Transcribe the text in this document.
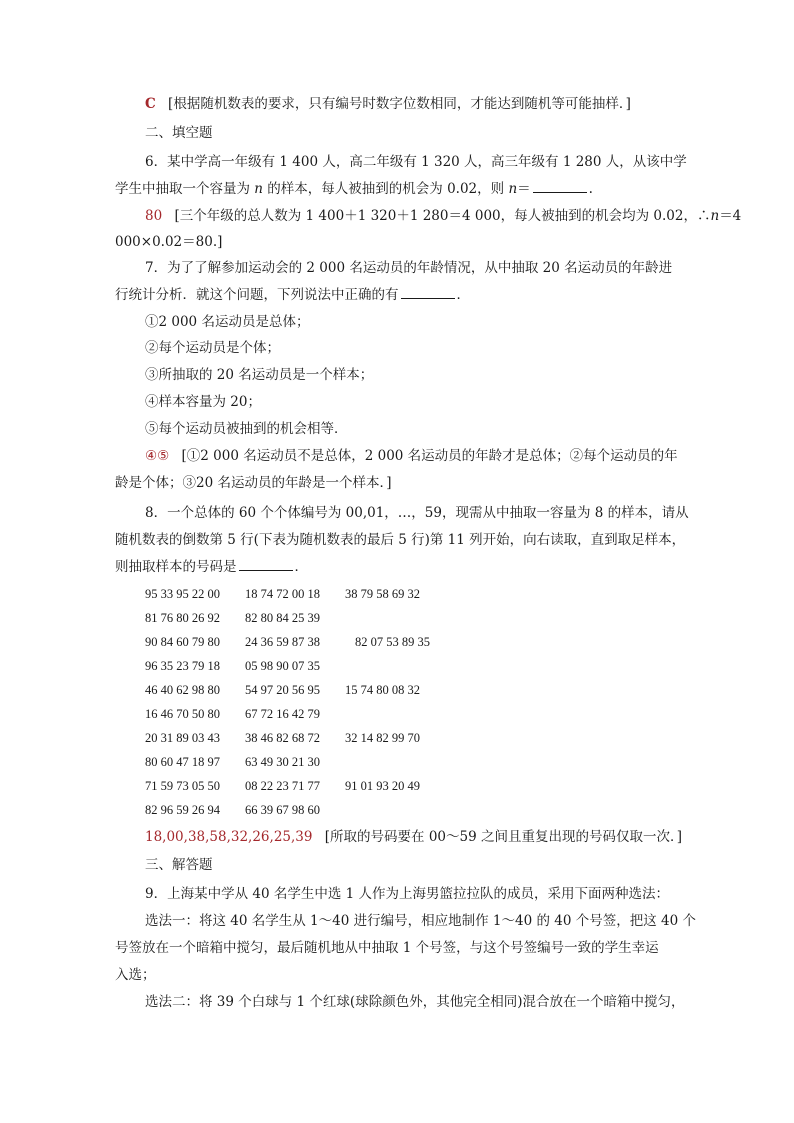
C [根据随机数表的要求，只有编号时数字位数相同，才能达到随机等可能抽样．]
二、填空题
6．某中学高一年级有 1 400 人，高二年级有 1 320 人，高三年级有 1 280 人，从该中学
学生中抽取一个容量为 n 的样本，每人被抽到的机会为 0.02，则 n＝	.
80 [三个年级的总人数为 1 400＋1 320＋1 280＝4 000，每人被抽到的机会均为 0.02，∴n＝4
000×0.02＝80.]
7．为了了解参加运动会的 2 000 名运动员的年龄情况，从中抽取 20 名运动员的年龄进
行统计分析．就这个问题，下列说法中正确的有	．
①2 000 名运动员是总体；
②每个运动员是个体；
③所抽取的 20 名运动员是一个样本；
④样本容量为 20；
⑤每个运动员被抽到的机会相等．
④⑤ [①2 000 名运动员不是总体，2 000 名运动员的年龄才是总体；②每个运动员的年
龄是个体；③20 名运动员的年龄是一个样本．]
8．一个总体的 60 个个体编号为 00,01，…，59，现需从中抽取一容量为 8 的样本，请从
随机数表的倒数第 5 行(下表为随机数表的最后 5 行)第 11 列开始，向右读取，直到取足样本，
则抽取样本的号码是	．
95 33 95 22 00 18 74 72 00 18 38 79 58 69 32
81 76 80 26 92 82 80 84 25 39
90 84 60 79 80 24 36 59 87 38	82 07 53 89 35
96 35 23 79 18 05 98 90 07 35
46 40 62 98 80 54 97 20 56 95 15 74 80 08 32
16 46 70 50 80 67 72 16 42 79
20 31 89 03 43 38 46 82 68 72 32 14 82 99 70
80 60 47 18 97 63 49 30 21 30
71 59 73 05 50 08 22 23 71 77 91 01 93 20 49
82 96 59 26 94 66 39 67 98 60
18,00,38,58,32,26,25,39 [所取的号码要在 00～59 之间且重复出现的号码仅取一次．]
三、解答题
9．上海某中学从 40 名学生中选 1 人作为上海男篮拉拉队的成员，采用下面两种选法：
选法一：将这 40 名学生从 1～40 进行编号，相应地制作 1～40 的 40 个号签，把这 40 个
号签放在一个暗箱中搅匀，最后随机地从中抽取 1 个号签，与这个号签编号一致的学生幸运
入选；
选法二：将 39 个白球与 1 个红球(球除颜色外，其他完全相同)混合放在一个暗箱中搅匀，
